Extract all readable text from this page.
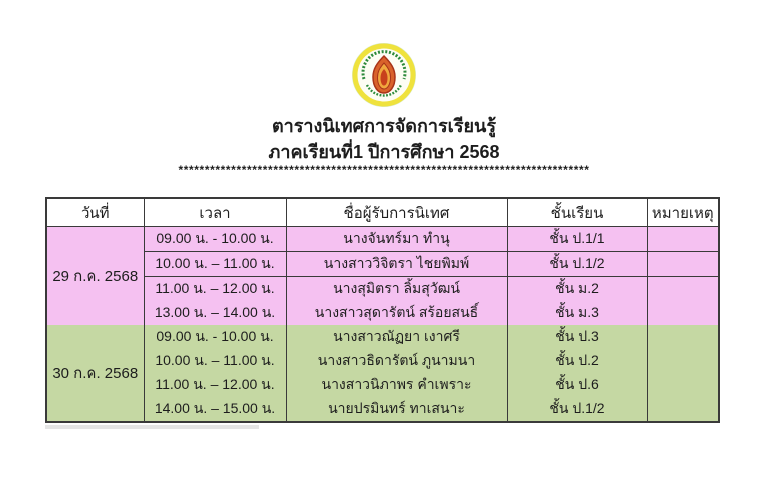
ตารางนิเทศการจัดการเรียนรู้
ภาคเรียนที่1 ปีการศึกษา 2568
******************************************************************************
วันที่	เวลา	ชื่อผู้รับการนิเทศ	ชั้นเรียน	หมายเหตุ
29 ก.ค. 2568	09.00 น. - 10.00 น.	นางจันทร์มา ทำนุ	ชั้น ป.1/1	
	10.00 น. – 11.00 น.	นางสาววิจิตรา ไชยพิมพ์	ชั้น ป.1/2	
	11.00 น. – 12.00 น.	นางสุมิตรา ลิ้มสุวัฒน์	ชั้น ม.2	
	13.00 น. – 14.00 น.	นางสาวสุดารัตน์ สร้อยสนธิ์	ชั้น ม.3	
30 ก.ค. 2568	09.00 น. - 10.00 น.	นางสาวณัฏยา เงาศรี	ชั้น ป.3	
	10.00 น. – 11.00 น.	นางสาวธิดารัตน์ ภูนามนา	ชั้น ป.2	
	11.00 น. – 12.00 น.	นางสาวนิภาพร คำเพราะ	ชั้น ป.6	
	14.00 น. – 15.00 น.	นายปรมินทร์ ทาเสนาะ	ชั้น ป.1/2	
